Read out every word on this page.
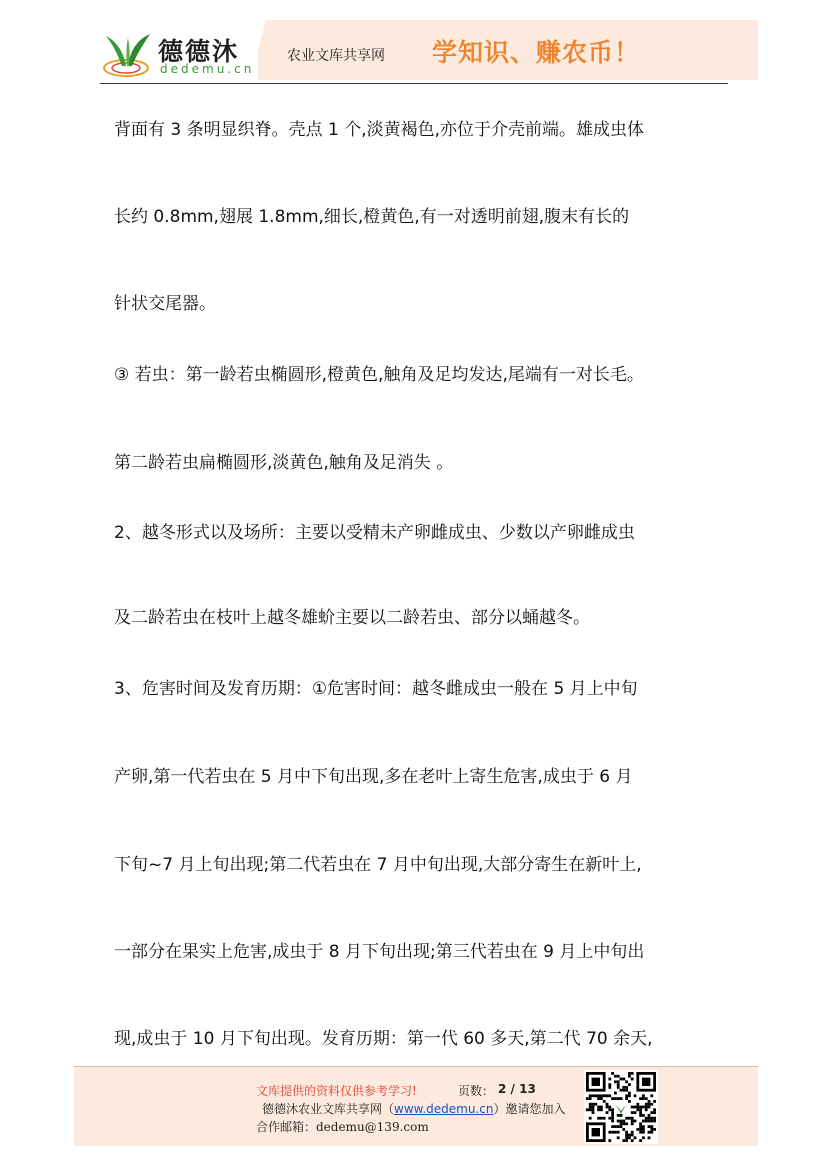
德德沐
dedemu.cn
农业文库共享网 学知识、赚农币！
背面有 3 条明显织脊。壳点 1 个,淡黄褐色,亦位于介壳前端。雄成虫体
长约 0.8mm,翅展 1.8mm,细长,橙黄色,有一对透明前翅,腹末有长的
针状交尾器。
③ 若虫：第一龄若虫椭圆形,橙黄色,触角及足均发达,尾端有一对长毛。
第二龄若虫扁椭圆形,淡黄色,触角及足消失 。
2、越冬形式以及场所：主要以受精未产卵雌成虫、少数以产卵雌成虫
及二龄若虫在枝叶上越冬雄蚧主要以二龄若虫、部分以蛹越冬。
3、危害时间及发育历期：①危害时间：越冬雌成虫一般在 5 月上中旬
产卵,第一代若虫在 5 月中下旬出现,多在老叶上寄生危害,成虫于 6 月
下旬~7 月上旬出现;第二代若虫在 7 月中旬出现,大部分寄生在新叶上,
一部分在果实上危害,成虫于 8 月下旬出现;第三代若虫在 9 月上中旬出
现,成虫于 10 月下旬出现。发育历期：第一代 60 多天,第二代 70 余天,
文库提供的资料仅供参考学习!	页数： 2 / 13
德德沐农业文库共享网（www.dedemu.cn）邀请您加入
合作邮箱：dedemu@139.com
